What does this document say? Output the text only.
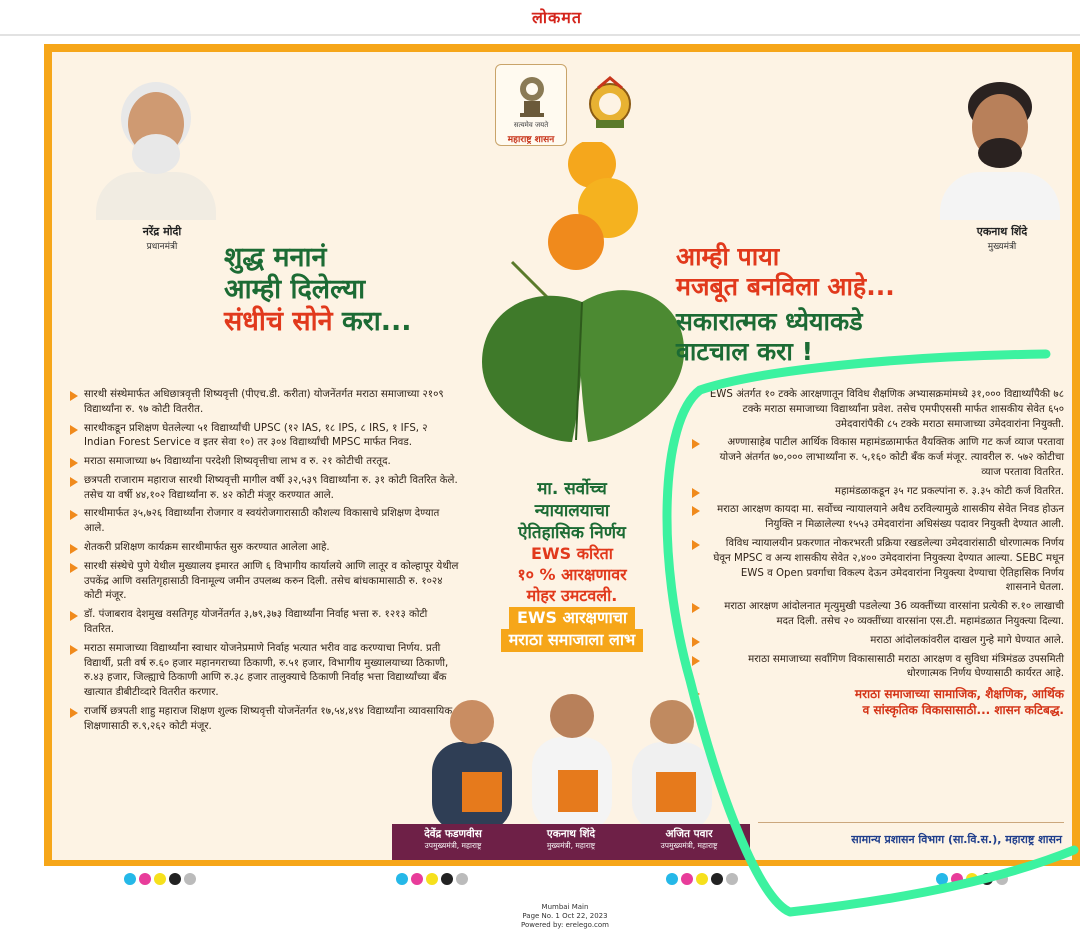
लोकमत
नरेंद्र मोदी
प्रधानमंत्री
एकनाथ शिंदे
मुख्यमंत्री
सत्यमेव जयते
महाराष्ट्र शासन
शुद्ध मनानं
आम्ही दिलेल्या
संधीचं सोने करा...
आम्ही पाया
मजबूत बनविला आहे...
सकारात्मक ध्येयाकडे
वाटचाल करा !
सारथी संस्थेमार्फत अधिछात्रवृत्ती शिष्यवृत्ती (पीएच.डी. करीता) योजनेंतर्गत मराठा समाजाच्या २१०९ विद्यार्थ्यांना रु. ९७ कोटी वितरीत.
सारथीकडून प्रशिक्षण घेतलेल्या ५१ विद्यार्थ्यांची UPSC (१२ IAS, १८ IPS, ८ IRS, १ IFS, २ Indian Forest Service व इतर सेवा १०) तर ३०४ विद्यार्थ्यांची MPSC मार्फत निवड.
मराठा समाजाच्या ७५ विद्यार्थ्यांना परदेशी शिष्यवृत्तीचा लाभ व रु. २१ कोटीची तरतूद.
छत्रपती राजाराम महाराज सारथी शिष्यवृत्ती मागील वर्षी ३२,५३९ विद्यार्थ्यांना रु. ३१ कोटी वितरित केले. तसेच या वर्षी ४४,१०२ विद्यार्थ्यांना रु. ४२ कोटी मंजूर करण्यात आले.
सारथीमार्फत ३५,७२६ विद्यार्थ्यांना रोजगार व स्वयंरोजगारासाठी कौशल्य विकासाचे प्रशिक्षण देण्यात आले.
शेतकरी प्रशिक्षण कार्यक्रम सारथीमार्फत सुरु करण्यात आलेला आहे.
सारथी संस्थेचे पुणे येथील मुख्यालय इमारत आणि ६ विभागीय कार्यालये आणि लातूर व कोल्हापूर येथील उपकेंद्र आणि वसतिगृहासाठी विनामूल्य जमीन उपलब्ध करुन दिली. तसेच बांधकामासाठी रु. १०२४ कोटी मंजूर.
डॉ. पंजाबराव देशमुख वसतिगृह योजनेंतर्गत ३,७९,३७३ विद्यार्थ्यांना निर्वाह भत्ता रु. १२१३ कोटी वितरित.
मराठा समाजाच्या विद्यार्थ्यांना स्वाधार योजनेप्रमाणे निर्वाह भत्यात भरीव वाढ करण्याचा निर्णय. प्रती विद्यार्थी, प्रती वर्ष रु.६० हजार महानगराच्या ठिकाणी, रु.५१ हजार, विभागीय मुख्यालयाच्या ठिकाणी, रु.४३ हजार, जिल्ह्याचे ठिकाणी आणि रु.३८ हजार तालुक्याचे ठिकाणी निर्वाह भत्ता विद्यार्थ्यांच्या बँक खात्यात डीबीटीव्दारे वितरीत करणार.
राजर्षि छत्रपती शाहु महाराज शिक्षण शुल्क शिष्यवृत्ती योजनेंतर्गत १७,५४,४९४ विद्यार्थ्यांना व्यावसायिक शिक्षणासाठी रु.९,२६२ कोटी मंजूर.
मा. सर्वोच्च
न्यायालयाचा
ऐतिहासिक निर्णय
EWS करिता
१० % आरक्षणावर
मोहर उमटवली.
EWS आरक्षणाचा
मराठा समाजाला लाभ
देवेंद्र फडणवीस
उपमुख्यमंत्री, महाराष्ट्र
एकनाथ शिंदे
मुख्यमंत्री, महाराष्ट्र
अजित पवार
उपमुख्यमंत्री, महाराष्ट्र
EWS अंतर्गत १० टक्के आरक्षणातून विविध शैक्षणिक अभ्यासक्रमांमध्ये ३१,००० विद्यार्थ्यांपैकी ७८ टक्के मराठा समाजाच्या विद्यार्थ्यांना प्रवेश. तसेच एमपीएससी मार्फत शासकीय सेवेत ६५० उमेदवारांपैकी ८५ टक्के मराठा समाजाच्या उमेदवारांना नियुक्ती.
अण्णासाहेब पाटील आर्थिक विकास महामंडळामार्फत वैयक्तिक आणि गट कर्ज व्याज परतावा योजने अंतर्गत ७०,००० लाभार्थ्यांना रु. ५,१६० कोटी बँक कर्ज मंजूर. त्यावरील रु. ५७२ कोटीचा व्याज परतावा वितरित.
महामंडळाकडून ३५ गट प्रकल्पांना रु. ३.३५ कोटी कर्ज वितरित.
मराठा आरक्षण कायदा मा. सर्वोच्च न्यायालयाने अवैध ठरविल्यामुळे शासकीय सेवेत निवड होऊन नियुक्ति न मिळालेल्या १५५३ उमेदवारांना अधिसंख्य पदावर नियुक्ती देण्यात आली.
विविध न्यायालयीन प्रकरणात नोकरभरती प्रक्रिया रखडलेल्या उमेदवारांसाठी धोरणात्मक निर्णय घेवून MPSC व अन्य शासकीय सेवेत २,४०० उमेदवारांना नियुक्त्या देण्यात आल्या. SEBC मधून EWS व Open प्रवर्गाचा विकल्प देऊन उमेदवारांना नियुक्त्या देण्याचा ऐतिहासिक निर्णय शासनाने घेतला.
मराठा आरक्षण आंदोलनात मृत्युमुखी पडलेल्या 36 व्यक्तींच्या वारसांना प्रत्येकी रु.१० लाखाची मदत दिली. तसेच २० व्यक्तींच्या वारसांना एस.टी. महामंडळात नियुक्त्या दिल्या.
मराठा आंदोलकांवरील दाखल गुन्हे मागे घेण्यात आले.
मराठा समाजाच्या सर्वांगिण विकासासाठी मराठा आरक्षण व सुविधा मंत्रिमंडळ उपसमिती धोरणात्मक निर्णय घेण्यासाठी कार्यरत आहे.
मराठा समाजाच्या सामाजिक, शैक्षणिक, आर्थिक
व सांस्कृतिक विकासासाठी... शासन कटिबद्ध.
सामान्य प्रशासन विभाग (सा.वि.स.), महाराष्ट्र शासन
Mumbai Main
Page No. 1 Oct 22, 2023
Powered by: erelego.com
